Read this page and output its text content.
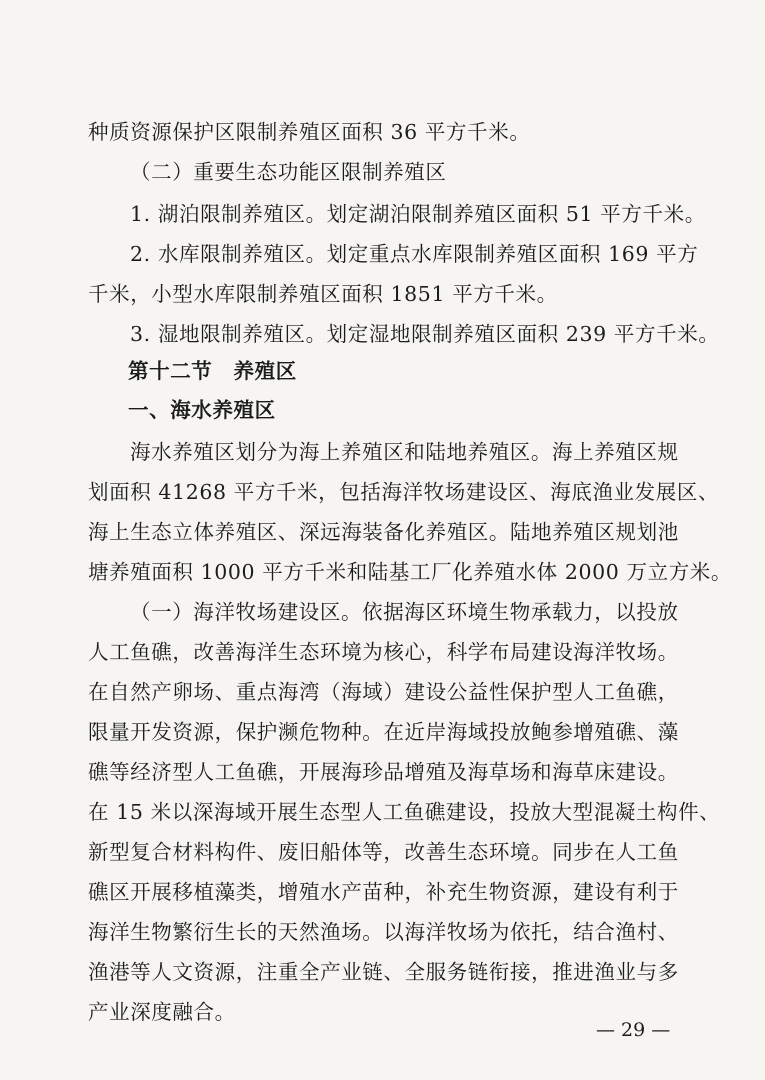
种质资源保护区限制养殖区面积 36 平方千米。
（二）重要生态功能区限制养殖区
1. 湖泊限制养殖区。划定湖泊限制养殖区面积 51 平方千米。
2. 水库限制养殖区。划定重点水库限制养殖区面积 169 平方
千米，小型水库限制养殖区面积 1851 平方千米。
3. 湿地限制养殖区。划定湿地限制养殖区面积 239 平方千米。
第十二节　养殖区
一、海水养殖区
海水养殖区划分为海上养殖区和陆地养殖区。海上养殖区规
划面积 41268 平方千米，包括海洋牧场建设区、海底渔业发展区、
海上生态立体养殖区、深远海装备化养殖区。陆地养殖区规划池
塘养殖面积 1000 平方千米和陆基工厂化养殖水体 2000 万立方米。
（一）海洋牧场建设区。依据海区环境生物承载力，以投放
人工鱼礁，改善海洋生态环境为核心，科学布局建设海洋牧场。
在自然产卵场、重点海湾（海域）建设公益性保护型人工鱼礁，
限量开发资源，保护濒危物种。在近岸海域投放鲍参增殖礁、藻
礁等经济型人工鱼礁，开展海珍品增殖及海草场和海草床建设。
在 15 米以深海域开展生态型人工鱼礁建设，投放大型混凝土构件、
新型复合材料构件、废旧船体等，改善生态环境。同步在人工鱼
礁区开展移植藻类，增殖水产苗种，补充生物资源，建设有利于
海洋生物繁衍生长的天然渔场。以海洋牧场为依托，结合渔村、
渔港等人文资源，注重全产业链、全服务链衔接，推进渔业与多
产业深度融合。
— 29 —
